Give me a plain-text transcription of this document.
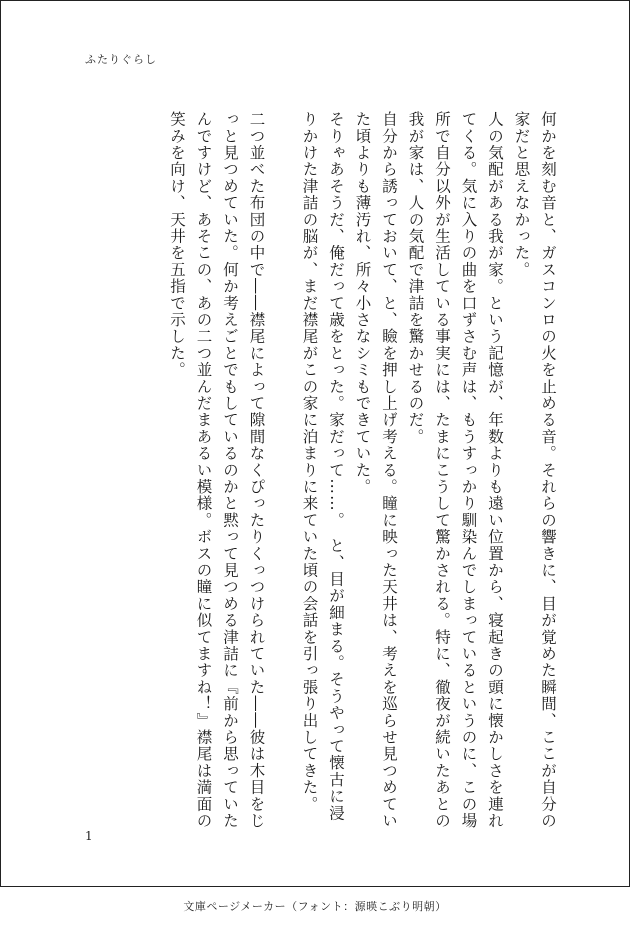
ふたりぐらし

何かを刻む音と、ガスコンロの火を止める音。それらの響きに、目が覚めた瞬間、ここが自分の家だと思えなかった。

人の気配がある我が家。という記憶が、年数よりも遠い位置から、寝起きの頭に懐かしさを連れてくる。気に入りの曲を口ずさむ声は、もうすっかり馴染んでしまっているというのに、この場所で自分以外が生活している事実には、たまにこうして驚かされる。特に、徹夜が続いたあとの我が家は、人の気配で津詰を驚かせるのだ。

自分から誘っておいて、と、瞼を押し上げ考える。瞳に映った天井は、考えを巡らせ見つめていた頃よりも薄汚れ、所々小さなシミもできていた。

そりゃあそうだ、俺だって歳をとった。家だって……。　と、目が細まる。そうやって懐古に浸りかけた津詰の脳が、まだ襟尾がこの家に泊まりに来ていた頃の会話を引っ張り出してきた。

二つ並べた布団の中で――襟尾によって隙間なくぴったりくっつけられていた――彼は木目をじっと見つめていた。何か考えごとでもしているのかと黙って見つめる津詰に『前から思っていたんですけど、あそこの、あの二つ並んだまあるい模様。ボスの瞳に似てますね！』襟尾は満面の笑みを向け、天井を五指で示した。

1
文庫ページメーカー（フォント：源暎こぶり明朝）
